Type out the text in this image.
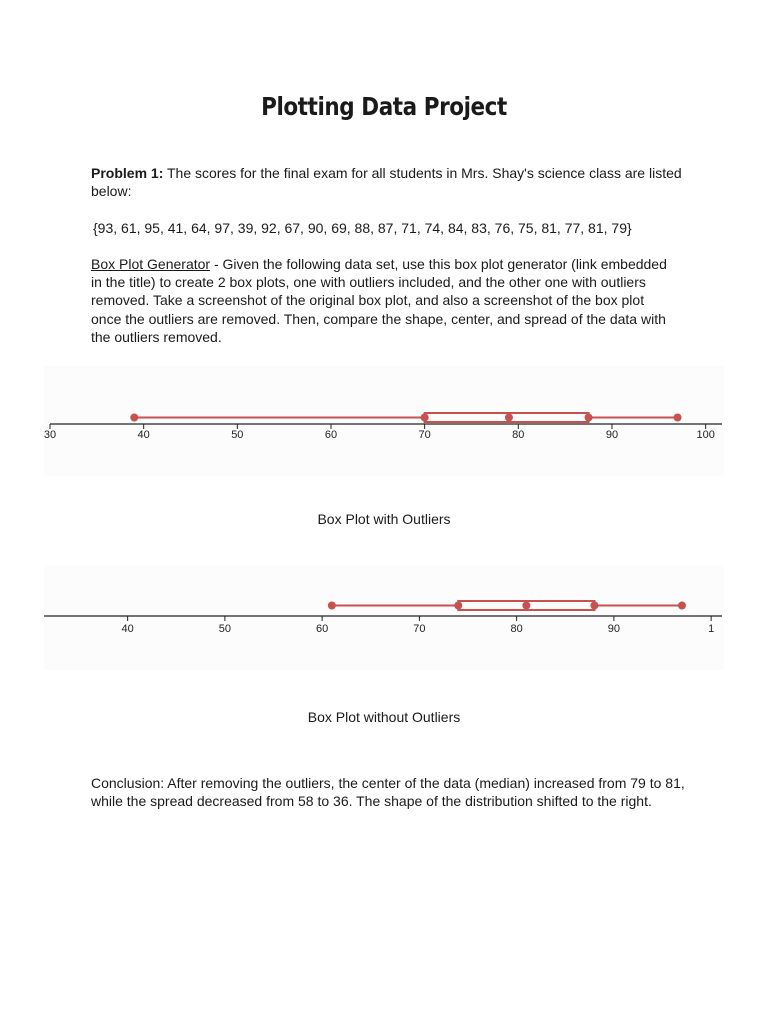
Plotting Data Project
Problem 1: The scores for the final exam for all students in Mrs. Shay's science class are listed below:
{93, 61, 95, 41, 64, 97, 39, 92, 67, 90, 69, 88, 87, 71, 74, 84, 83, 76, 75, 81, 77, 81, 79}
Box Plot Generator - Given the following data set, use this box plot generator (link embedded in the title) to create 2 box plots, one with outliers included, and the other one with outliers removed. Take a screenshot of the original box plot, and also a screenshot of the box plot once the outliers are removed. Then, compare the shape, center, and spread of the data with the outliers removed.
30	40	50	60	70	80	90	100
Box Plot with Outliers
40	50	60	70	80	90	1
Box Plot without Outliers
Conclusion: After removing the outliers, the center of the data (median) increased from 79 to 81, while the spread decreased from 58 to 36. The shape of the distribution shifted to the right.
